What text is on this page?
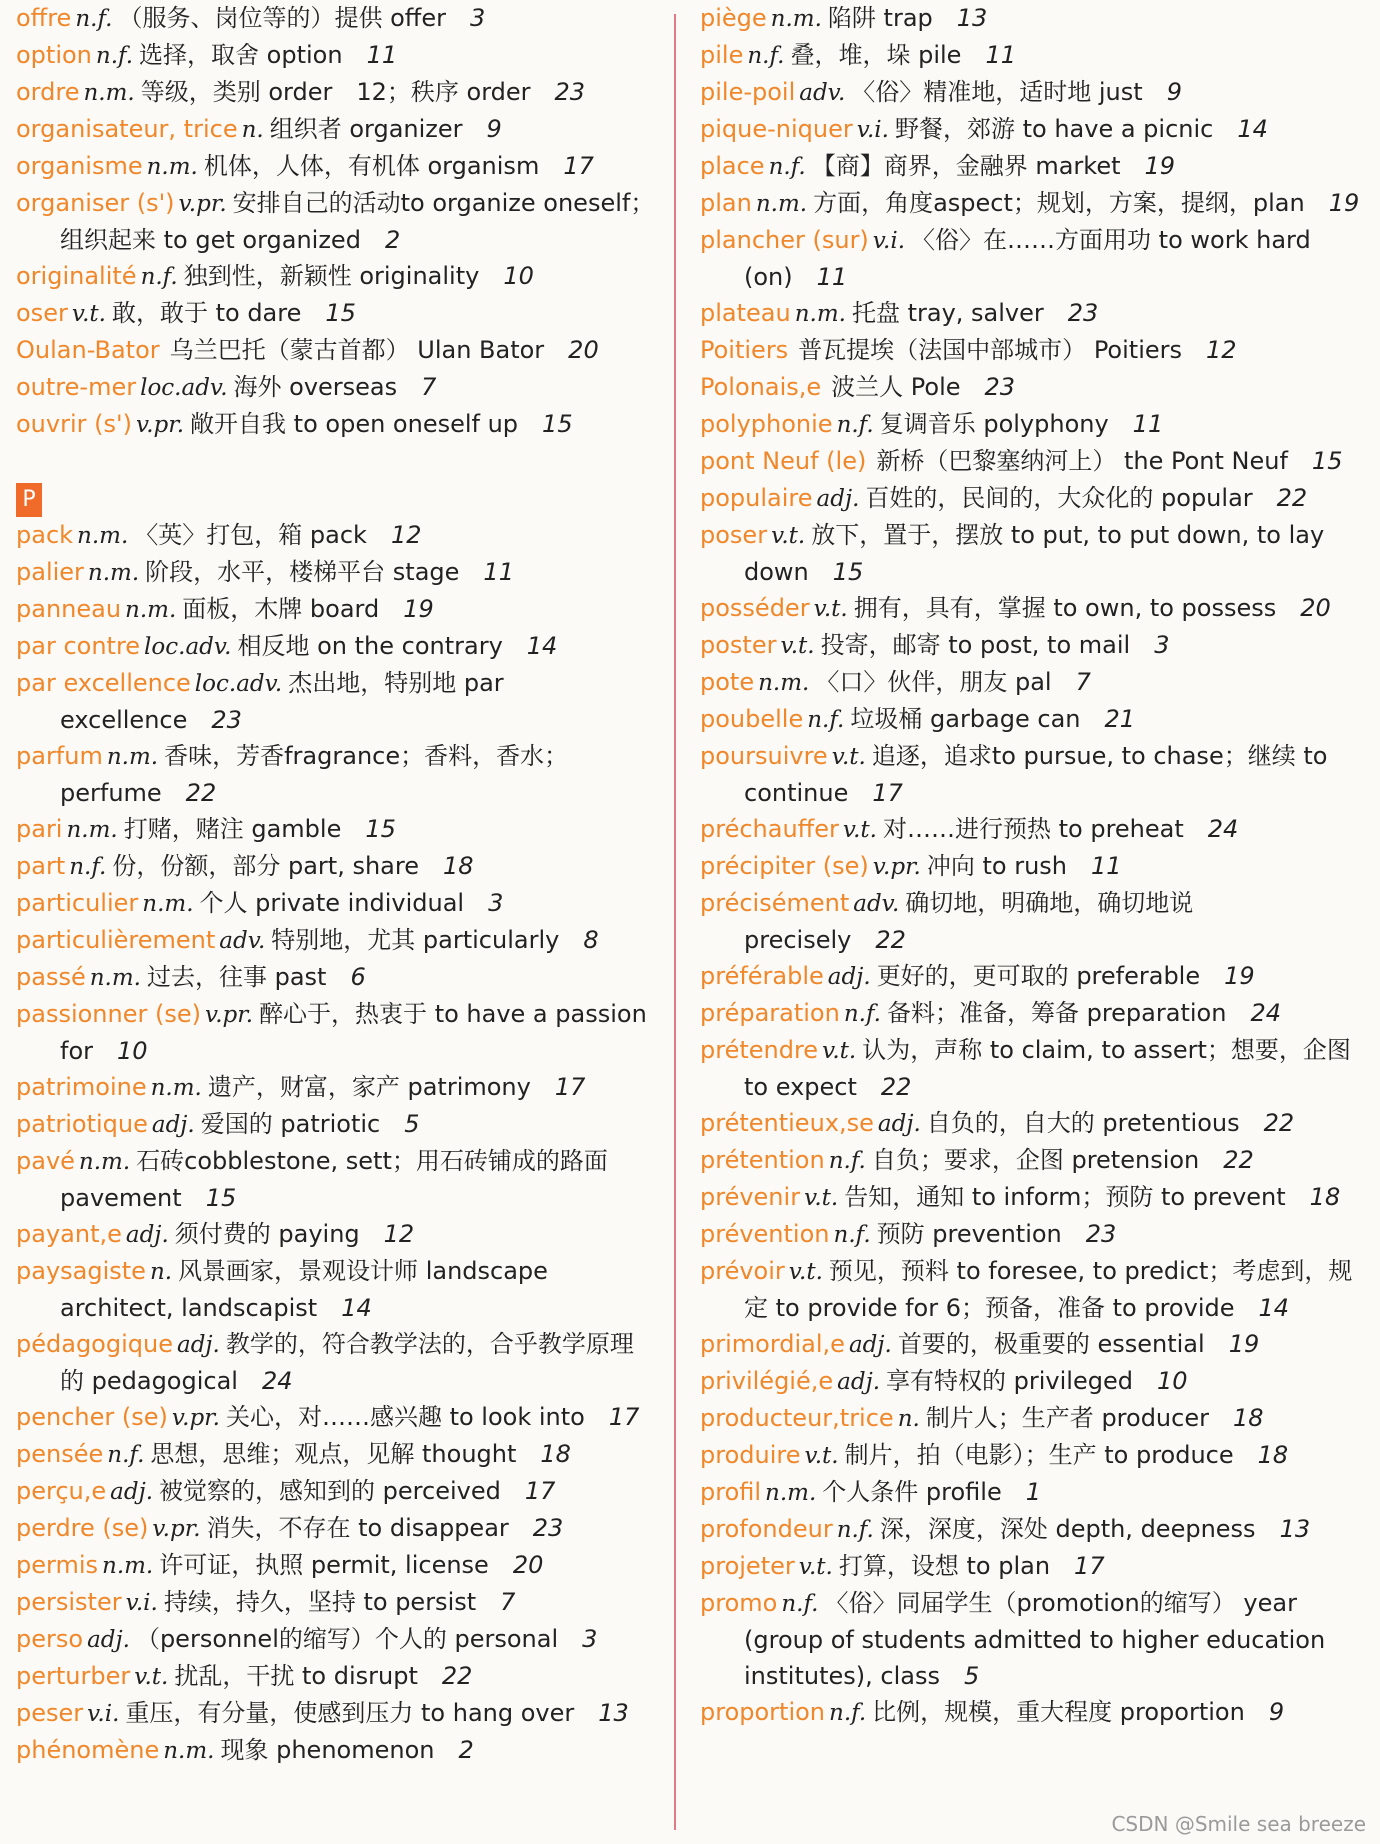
offre n.f. （服务、岗位等的）提供 offer 3
option n.f. 选择，取舍 option 11
ordre n.m. 等级，类别 order　12；秩序 order 23
organisateur, trice n. 组织者 organizer 9
organisme n.m. 机体，人体，有机体 organism 17
organiser (s') v.pr. 安排自己的活动to organize oneself；组织起来 to get organized 2
originalité n.f. 独到性，新颖性 originality 10
oser v.t. 敢，敢于 to dare 15
Oulan-Bator 乌兰巴托（蒙古首都） Ulan Bator 20
outre-mer loc.adv. 海外 overseas 7
ouvrir (s') v.pr. 敞开自我 to open oneself up 15
P
pack n.m. 〈英〉打包，箱 pack 12
palier n.m. 阶段，水平，楼梯平台 stage 11
panneau n.m. 面板，木牌 board 19
par contre loc.adv. 相反地 on the contrary 14
par excellence loc.adv. 杰出地，特别地 par excellence 23
parfum n.m. 香味，芳香fragrance；香料，香水；perfume 22
pari n.m. 打赌，赌注 gamble 15
part n.f. 份，份额，部分 part, share 18
particulier n.m. 个人 private individual 3
particulièrement adv. 特别地，尤其 particularly 8
passé n.m. 过去，往事 past 6
passionner (se) v.pr. 醉心于，热衷于 to have a passion for 10
patrimoine n.m. 遗产，财富，家产 patrimony 17
patriotique adj. 爱国的 patriotic 5
pavé n.m. 石砖cobblestone, sett；用石砖铺成的路面 pavement 15
payant,e adj. 须付费的 paying 12
paysagiste n. 风景画家，景观设计师 landscape architect, landscapist 14
pédagogique adj. 教学的，符合教学法的，合乎教学原理的 pedagogical 24
pencher (se) v.pr. 关心，对……感兴趣 to look into 17
pensée n.f. 思想，思维；观点，见解 thought 18
perçu,e adj. 被觉察的，感知到的 perceived 17
perdre (se) v.pr. 消失，不存在 to disappear 23
permis n.m. 许可证，执照 permit, license 20
persister v.i. 持续，持久，坚持 to persist 7
perso adj. （personnel的缩写）个人的 personal 3
perturber v.t. 扰乱，干扰 to disrupt 22
peser v.i. 重压，有分量，使感到压力 to hang over 13
phénomène n.m. 现象 phenomenon 2
piège n.m. 陷阱 trap 13
pile n.f. 叠，堆，垛 pile 11
pile-poil adv. 〈俗〉精准地，适时地 just 9
pique-niquer v.i. 野餐，郊游 to have a picnic 14
place n.f. 【商】商界，金融界 market 19
plan n.m. 方面，角度aspect；规划，方案，提纲，plan 19
plancher (sur) v.i. 〈俗〉在……方面用功 to work hard (on) 11
plateau n.m. 托盘 tray, salver 23
Poitiers 普瓦提埃（法国中部城市） Poitiers 12
Polonais,e 波兰人 Pole 23
polyphonie n.f. 复调音乐 polyphony 11
pont Neuf (le) 新桥（巴黎塞纳河上） the Pont Neuf 15
populaire adj. 百姓的，民间的，大众化的 popular 22
poser v.t. 放下，置于，摆放 to put, to put down, to lay down 15
posséder v.t. 拥有，具有，掌握 to own, to possess 20
poster v.t. 投寄，邮寄 to post, to mail 3
pote n.m. 〈口〉伙伴，朋友 pal 7
poubelle n.f. 垃圾桶 garbage can 21
poursuivre v.t. 追逐，追求to pursue, to chase；继续 to continue 17
préchauffer v.t. 对……进行预热 to preheat 24
précipiter (se) v.pr. 冲向 to rush 11
précisément adv. 确切地，明确地，确切地说 precisely 22
préférable adj. 更好的，更可取的 preferable 19
préparation n.f. 备料；准备，筹备 preparation 24
prétendre v.t. 认为，声称 to claim, to assert；想要，企图to expect 22
prétentieux,se adj. 自负的，自大的 pretentious 22
prétention n.f. 自负；要求，企图 pretension 22
prévenir v.t. 告知，通知 to inform；预防 to prevent 18
prévention n.f. 预防 prevention 23
prévoir v.t. 预见，预料 to foresee, to predict；考虑到，规定 to provide for 6；预备，准备 to provide 14
primordial,e adj. 首要的，极重要的 essential 19
privilégié,e adj. 享有特权的 privileged 10
producteur,trice n. 制片人；生产者 producer 18
produire v.t. 制片，拍（电影）；生产 to produce 18
profil n.m. 个人条件 profile 1
profondeur n.f. 深，深度，深处 depth, deepness 13
projeter v.t. 打算，设想 to plan 17
promo n.f. 〈俗〉同届学生（promotion的缩写） year (group of students admitted to higher education institutes), class 5
proportion n.f. 比例，规模，重大程度 proportion 9
CSDN @Smile sea breeze
